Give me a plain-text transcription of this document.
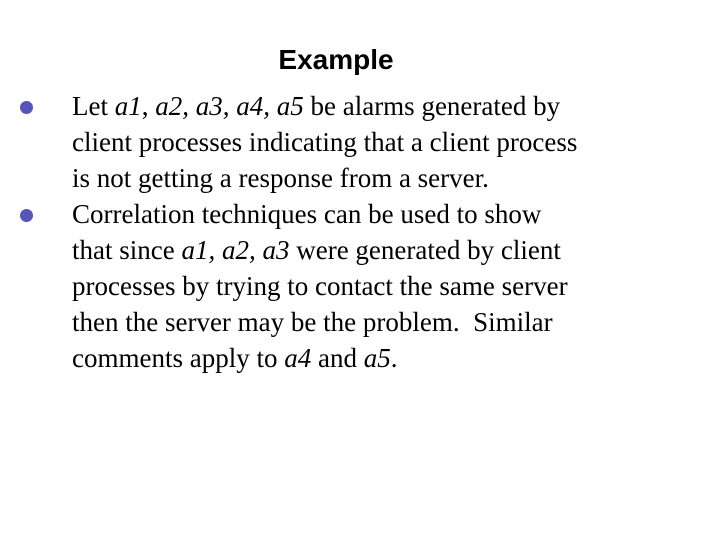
Example
Let a1, a2, a3, a4, a5 be alarms generated by
client processes indicating that a client process
is not getting a response from a server.
Correlation techniques can be used to show
that since a1, a2, a3 were generated by client
processes by trying to contact the same server
then the server may be the problem.  Similar
comments apply to a4 and a5.
